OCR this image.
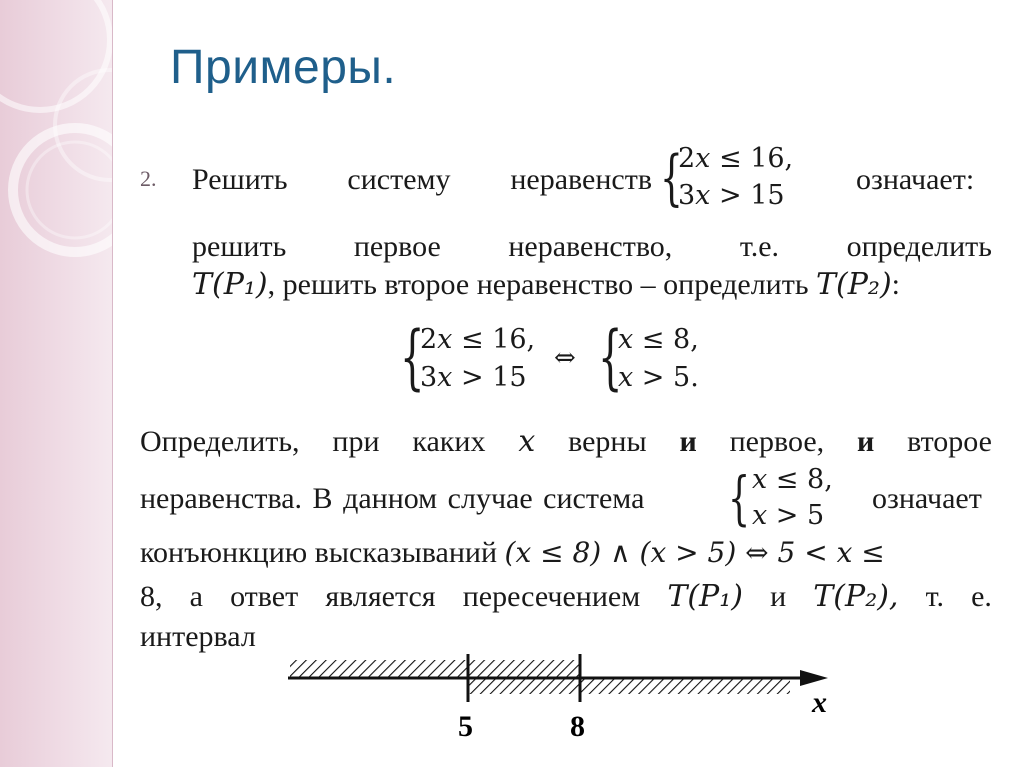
Примеры.
2. Решить систему неравенств {
2𝑥 ≤ 16,
3𝑥 > 15 означает:
решить первое неравенство, т.е. определить
𝑇(𝑃₁), решить второе неравенство – определить 𝑇(𝑃₂):
{
2𝑥 ≤ 16,
3𝑥 > 15
⇔ {
𝑥 ≤ 8,
𝑥 > 5.
Определить, при каких 𝑥 верны и первое, и второе
неравенства. В данном случае система { 𝑥 ≤ 8,
𝑥 > 5
означает
конъюнкцию высказываний (𝑥 ≤ 8) ∧ (𝑥 > 5) ⇔ 5 < 𝑥 ≤
8, а ответ является пересечением 𝑇(𝑃₁) и 𝑇(𝑃₂), т. е.
интервал
5	8
x
